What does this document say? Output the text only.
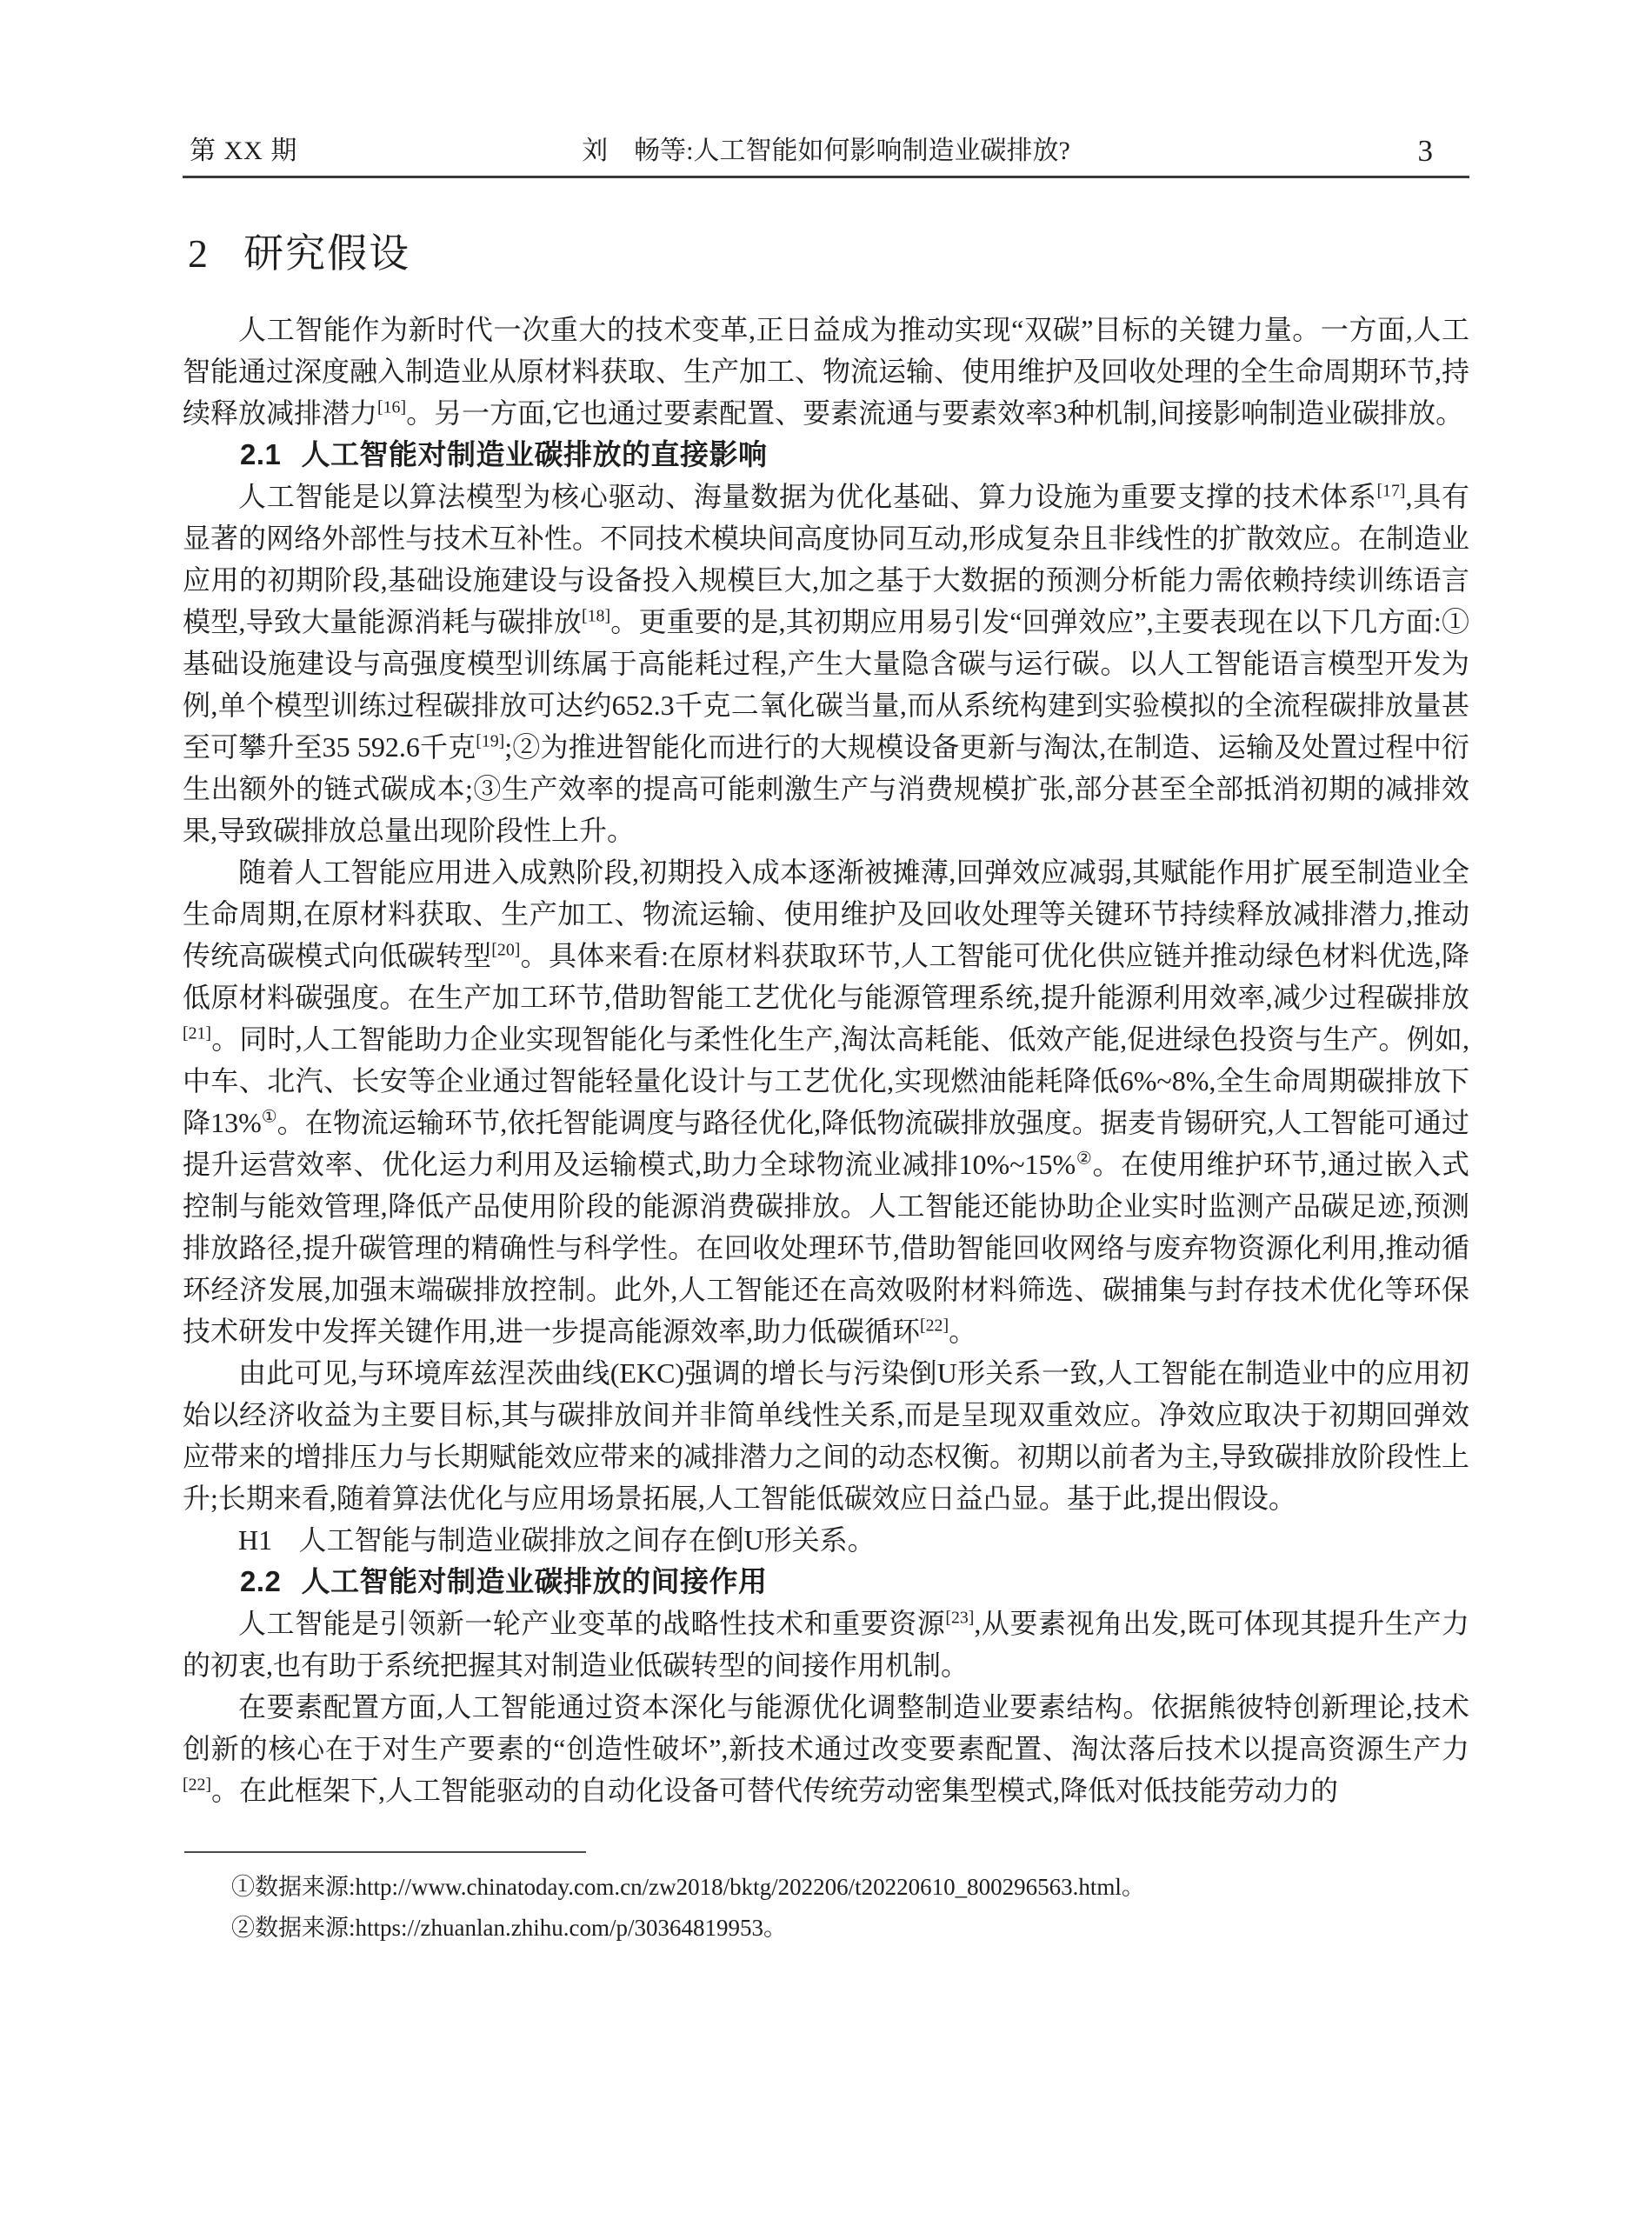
第 XX 期	刘　畅等:人工智能如何影响制造业碳排放?	3
2 研究假设

人工智能作为新时代一次重大的技术变革,正日益成为推动实现“双碳”目标的关键力量。一方面,人工智能通过深度融入制造业从原材料获取、生产加工、物流运输、使用维护及回收处理的全生命周期环节,持续释放减排潜力[16]。另一方面,它也通过要素配置、要素流通与要素效率3种机制,间接影响制造业碳排放。

2.1 人工智能对制造业碳排放的直接影响

人工智能是以算法模型为核心驱动、海量数据为优化基础、算力设施为重要支撑的技术体系[17],具有显著的网络外部性与技术互补性。不同技术模块间高度协同互动,形成复杂且非线性的扩散效应。在制造业应用的初期阶段,基础设施建设与设备投入规模巨大,加之基于大数据的预测分析能力需依赖持续训练语言模型,导致大量能源消耗与碳排放[18]。更重要的是,其初期应用易引发“回弹效应”,主要表现在以下几方面:①基础设施建设与高强度模型训练属于高能耗过程,产生大量隐含碳与运行碳。以人工智能语言模型开发为例,单个模型训练过程碳排放可达约652.3千克二氧化碳当量,而从系统构建到实验模拟的全流程碳排放量甚至可攀升至35 592.6千克[19];②为推进智能化而进行的大规模设备更新与淘汰,在制造、运输及处置过程中衍生出额外的链式碳成本;③生产效率的提高可能刺激生产与消费规模扩张,部分甚至全部抵消初期的减排效果,导致碳排放总量出现阶段性上升。

随着人工智能应用进入成熟阶段,初期投入成本逐渐被摊薄,回弹效应减弱,其赋能作用扩展至制造业全生命周期,在原材料获取、生产加工、物流运输、使用维护及回收处理等关键环节持续释放减排潜力,推动传统高碳模式向低碳转型[20]。具体来看:在原材料获取环节,人工智能可优化供应链并推动绿色材料优选,降低原材料碳强度。在生产加工环节,借助智能工艺优化与能源管理系统,提升能源利用效率,减少过程碳排放[21]。同时,人工智能助力企业实现智能化与柔性化生产,淘汰高耗能、低效产能,促进绿色投资与生产。例如,中车、北汽、长安等企业通过智能轻量化设计与工艺优化,实现燃油能耗降低6%~8%,全生命周期碳排放下降13%①。在物流运输环节,依托智能调度与路径优化,降低物流碳排放强度。据麦肯锡研究,人工智能可通过提升运营效率、优化运力利用及运输模式,助力全球物流业减排10%~15%②。在使用维护环节,通过嵌入式控制与能效管理,降低产品使用阶段的能源消费碳排放。人工智能还能协助企业实时监测产品碳足迹,预测排放路径,提升碳管理的精确性与科学性。在回收处理环节,借助智能回收网络与废弃物资源化利用,推动循环经济发展,加强末端碳排放控制。此外,人工智能还在高效吸附材料筛选、碳捕集与封存技术优化等环保技术研发中发挥关键作用,进一步提高能源效率,助力低碳循环[22]。

由此可见,与环境库兹涅茨曲线(EKC)强调的增长与污染倒U形关系一致,人工智能在制造业中的应用初始以经济收益为主要目标,其与碳排放间并非简单线性关系,而是呈现双重效应。净效应取决于初期回弹效应带来的增排压力与长期赋能效应带来的减排潜力之间的动态权衡。初期以前者为主,导致碳排放阶段性上升;长期来看,随着算法优化与应用场景拓展,人工智能低碳效应日益凸显。基于此,提出假设。

H1 人工智能与制造业碳排放之间存在倒U形关系。

2.2 人工智能对制造业碳排放的间接作用

人工智能是引领新一轮产业变革的战略性技术和重要资源[23],从要素视角出发,既可体现其提升生产力的初衷,也有助于系统把握其对制造业低碳转型的间接作用机制。

在要素配置方面,人工智能通过资本深化与能源优化调整制造业要素结构。依据熊彼特创新理论,技术创新的核心在于对生产要素的“创造性破坏”,新技术通过改变要素配置、淘汰落后技术以提高资源生产力[22]。在此框架下,人工智能驱动的自动化设备可替代传统劳动密集型模式,降低对低技能劳动力的

①数据来源:http://www.chinatoday.com.cn/zw2018/bktg/202206/t20220610_800296563.html。

②数据来源:https://zhuanlan.zhihu.com/p/30364819953。
